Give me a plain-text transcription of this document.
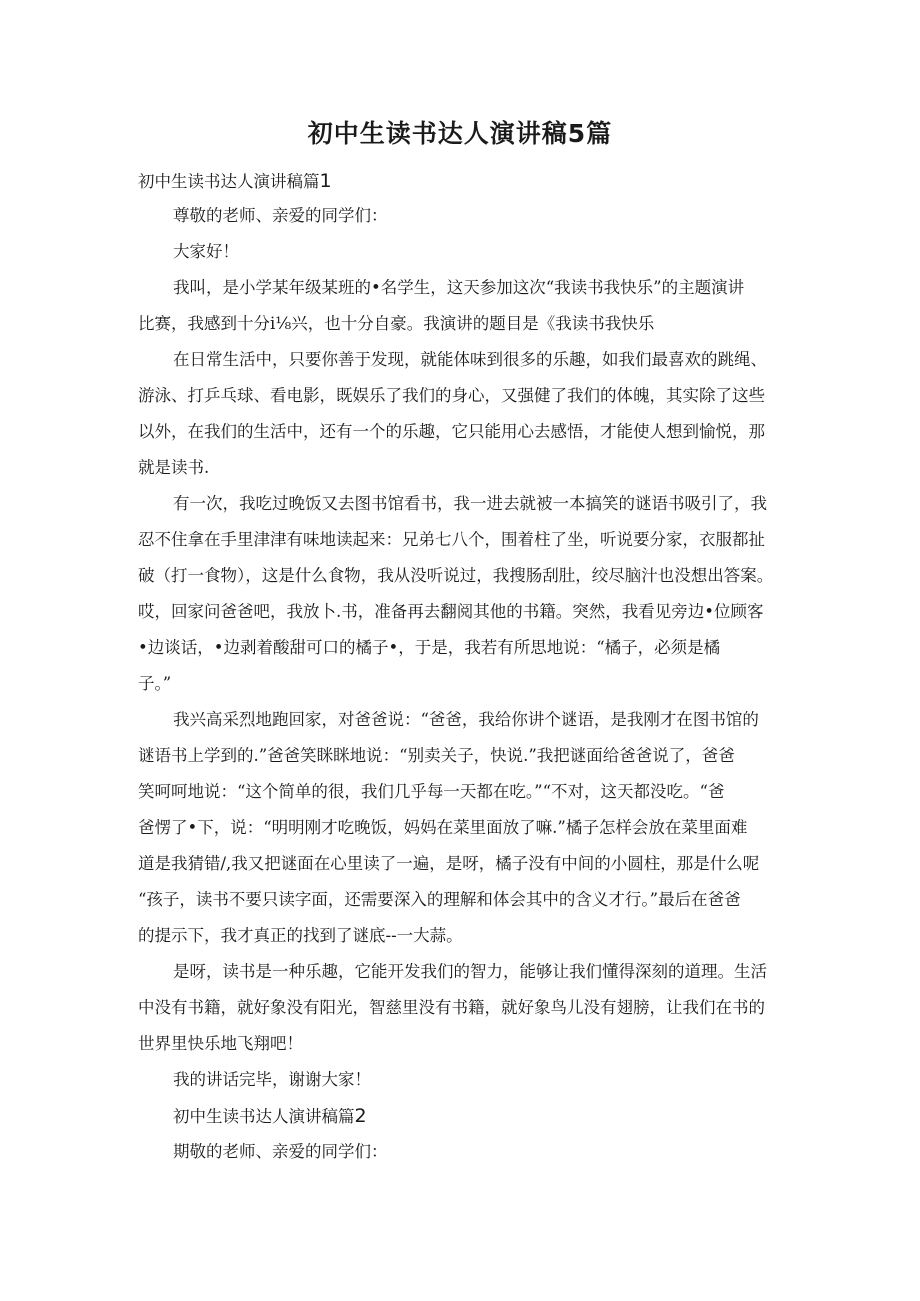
初中生读书达人演讲稿5篇
初中生读书达人演讲稿篇1
尊敬的老师、亲爱的同学们：
大家好！
我叫，是小学某年级某班的•名学生，这天参加这次“我读书我快乐”的主题演讲
比赛，我感到十分i⅛兴，也十分自豪。我演讲的题目是《我读书我快乐
在日常生活中，只要你善于发现，就能体味到很多的乐趣，如我们最喜欢的跳绳、
游泳、打乒乓球、看电影，既娱乐了我们的身心，又强健了我们的体魄，其实除了这些
以外，在我们的生活中，还有一个的乐趣，它只能用心去感悟，才能使人想到愉悦，那
就是读书.
有一次，我吃过晚饭又去图书馆看书，我一进去就被一本搞笑的谜语书吸引了，我
忍不住拿在手里津津有味地读起来：兄弟七八个，围着柱了坐，听说要分家，衣服都扯
破（打一食物），这是什么食物，我从没听说过，我搜肠刮肚，绞尽脑汁也没想出答案。
哎，回家问爸爸吧，我放卜.书，准备再去翻阅其他的书籍。突然，我看见旁边•位顾客
•边谈话，•边剥着酸甜可口的橘子•，于是，我若有所思地说：“橘子，必须是橘
子。”
我兴高采烈地跑回家，对爸爸说：“爸爸，我给你讲个谜语，是我刚才在图书馆的
谜语书上学到的.”爸爸笑眯眯地说：“别卖关子，快说.”我把谜面给爸爸说了，爸爸
笑呵呵地说：“这个简单的很，我们几乎每一天都在吃。”“不对，这天都没吃。“爸
爸愣了•下，说：“明明刚才吃晚饭，妈妈在菜里面放了嘛.”橘子怎样会放在菜里面难
道是我猜错/,我又把谜面在心里读了一遍，是呀，橘子没有中间的小圆柱，那是什么呢
“孩子，读书不要只读字面，还需要深入的理解和体会其中的含义才行。”最后在爸爸
的提示下，我才真正的找到了谜底--一大蒜。
是呀，读书是一种乐趣，它能开发我们的智力，能够让我们懂得深刻的道理。生活
中没有书籍，就好象没有阳光，智慈里没有书籍，就好象鸟儿没有翅膀，让我们在书的
世界里快乐地飞翔吧！
我的讲话完毕，谢谢大家！
初中生读书达人演讲稿篇2
期敬的老师、亲爱的同学们：
